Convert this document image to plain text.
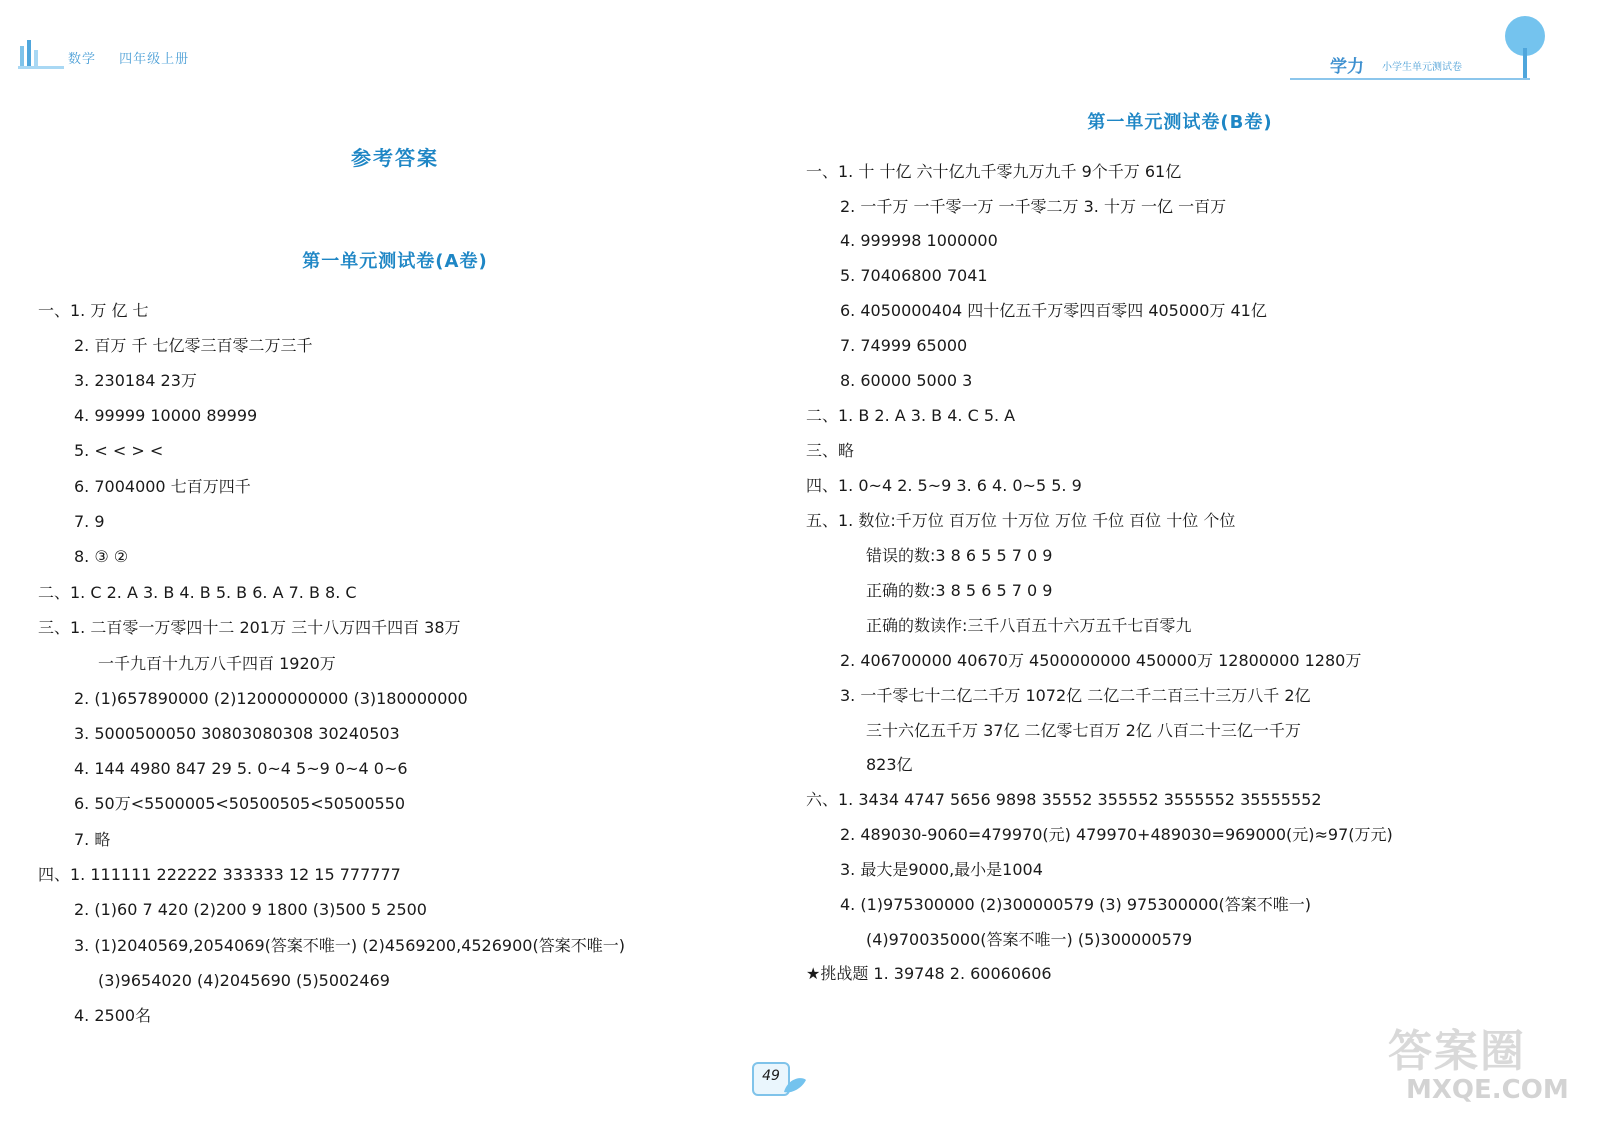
数学 四年级上册	学力 小学生单元测试卷
参考答案
第一单元测试卷(A卷)
一、1. 万 亿 七
2. 百万 千 七亿零三百零二万三千
3. 230184 23万
4. 99999 10000 89999
5. < < > <
6. 7004000 七百万四千
7. 9
8. ③ ②
二、1. C 2. A 3. B 4. B 5. B 6. A 7. B 8. C
三、1. 二百零一万零四十二 201万 三十八万四千四百 38万
一千九百十九万八千四百 1920万
2. (1)657890000 (2)12000000000 (3)180000000
3. 5000500050 30803080308 30240503
4. 144 4980 847 29 5. 0~4 5~9 0~4 0~6
6. 50万<5500005<50500505<50500550
7. 略
四、1. 111111 222222 333333 12 15 777777
2. (1)60 7 420 (2)200 9 1800 (3)500 5 2500
3. (1)2040569,2054069(答案不唯一) (2)4569200,4526900(答案不唯一)
(3)9654020 (4)2045690 (5)5002469
4. 2500名
第一单元测试卷(B卷)
一、1. 十 十亿 六十亿九千零九万九千 9个千万 61亿
2. 一千万 一千零一万 一千零二万 3. 十万 一亿 一百万
4. 999998 1000000
5. 70406800 7041
6. 4050000404 四十亿五千万零四百零四 405000万 41亿
7. 74999 65000
8. 60000 5000 3
二、1. B 2. A 3. B 4. C 5. A
三、略
四、1. 0~4 2. 5~9 3. 6 4. 0~5 5. 9
五、1. 数位:千万位 百万位 十万位 万位 千位 百位 十位 个位
错误的数:3 8 6 5 5 7 0 9
正确的数:3 8 5 6 5 7 0 9
正确的数读作:三千八百五十六万五千七百零九
2. 406700000 40670万 4500000000 450000万 12800000 1280万
3. 一千零七十二亿二千万 1072亿 二亿二千二百三十三万八千 2亿
三十六亿五千万 37亿 二亿零七百万 2亿 八百二十三亿一千万
823亿
六、1. 3434 4747 5656 9898 35552 355552 3555552 35555552
2. 489030-9060=479970(元) 479970+489030=969000(元)≈97(万元)
3. 最大是9000,最小是1004
4. (1)975300000 (2)300000579 (3) 975300000(答案不唯一)
(4)970035000(答案不唯一) (5)300000579
★挑战题 1. 39748 2. 60060606
49	答案圈
MXQE.COM
